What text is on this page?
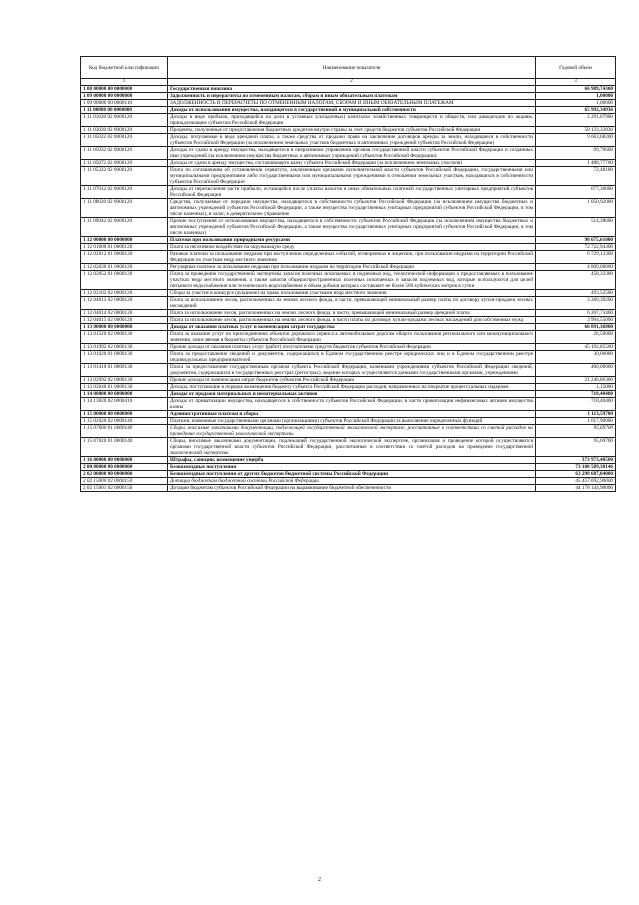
Код бюджетной классификации	Наименование показателя	Годовой объем
1	2	3
1 08 00000 00 0000000	Государственная пошлина	66 989,74300
1 09 00000 00 0000000	Задолженность и перерасчеты по отмененным налогам, сборам и иным обязательным платежам	1,00000
1 09 00000 00 0000110	ЗАДОЛЖЕННОСТЬ И ПЕРЕРАСЧЕТЫ ПО ОТМЕНЕННЫМ НАЛОГАМ, СБОРАМ И ИНЫМ ОБЯЗАТЕЛЬНЫМ ПЛАТЕЖАМ	1,00000
1 11 00000 00 0000000	Доходы от использования имущества, находящегося в государственной и муниципальной собственности	65 992,34936
1 11 01020 02 0000120	Доходы в виде прибыли, приходящейся на доли в уставных (складочных) капиталах хозяйственных товариществ и обществ, или дивидендов по акциям, принадлежащим субъектам Российской Федерации	2 291,67900
1 11 03020 02 0000120	Проценты, полученные от предоставления бюджетных кредитов внутри страны за счет средств бюджетов субъектов Российской Федерации	50 133,32836
1 11 05022 02 0000120	Доходы, получаемые в виде арендной платы, а также средства от продажи права на заключение договоров аренды за земли, находящиеся в собственности субъектов Российской Федерации (за исключением земельных участков бюджетных и автономных учреждений субъектов Российской Федерации)	9 663,68200
1 11 05032 02 0000120	Доходы от сдачи в аренду имущества, находящегося в оперативном управлении органов государственной власти субъектов Российской Федерации и созданных ими учреждений (за исключением имущества бюджетных и автономных учреждений субъектов Российской Федерации)	99,79600
1 11 05072 02 0000120	Доходы от сдачи в аренду имущества, составляющего казну субъекта Российской Федерации (за исключением земельных участков)	1 488,77700
1 11 05322 02 0000120	Плата по соглашениям об установлении сервитута, заключенным органами исполнительной власти субъектов Российской Федерации, государственными или муниципальными предприятиями либо государственными или муниципальными учреждениями в отношении земельных участков, находящихся в собственности субъектов Российской Федерации	72,48100
1 11 07012 02 0000120	Доходы от перечисления части прибыли, остающейся после уплаты налогов и иных обязательных платежей государственных унитарных предприятий субъектов Российской Федерации	677,30000
1 11 08020 02 0000120	Средства, получаемые от передачи имущества, находящегося в собственности субъектов Российской Федерации (за исключением имущества бюджетных и автономных учреждений субъектов Российской Федерации, а также имущества государственных унитарных предприятий субъектов Российской Федерации, в том числе казенных), в залог, в доверительное управление	1 050,92000
1 11 09042 02 0000120	Прочие поступления от использования имущества, находящегося в собственности субъектов Российской Федерации (за исключением имущества бюджетных и автономных учреждений субъектов Российской Федерации, а также имущества государственных унитарных предприятий субъектов Российской Федерации, в том числе казенных)	514,38600
1 12 00000 00 0000000	Платежи при пользовании природными ресурсами	98 675,61000
1 12 01000 01 0000120	Плата за негативное воздействие на окружающую среду	72 722,94300
1 12 02012 01 0000120	Разовые платежи за пользование недрами при наступлении определенных событий, оговоренных в лицензии, при пользовании недрами на территории Российской Федерации по участкам недр местного значения	6 729,13300
1 12 02030 01 0000120	Регулярные платежи за пользование недрами при пользовании недрами на территории Российской Федерации	4 809,00000
1 12 02052 01 0000120	Плата за проведение государственной экспертизы запасов полезных ископаемых и подземных вод, геологической информации о предоставляемых в пользование участках недр местного значения, а также запасов общераспространенных полезных ископаемых и запасов подземных вод, которые используются для целей питьевого водоснабжения или технического водоснабжения и объем добычи которых составляет не более 500 кубических метров в сутки	458,33300
1 12 02102 02 0000120	Сборы за участие в конкурсе (аукционе) на право пользования участками недр местного значения	493,52500
1 12 04013 02 0000120	Плата за использование лесов, расположенных на землях лесного фонда, в части, превышающей минимальный размер платы по договору купли-продажи лесных насаждений	3 260,39200
1 12 04014 02 0000120	Плата за использование лесов, расположенных на землях лесного фонда, в части, превышающей минимальный размер арендной платы	6 207,73400
1 12 04015 02 0000120	Плата за использование лесов, расположенных на землях лесного фонда, в части платы по договору купли-продажи лесных насаждений для собственных нужд	3 994,55000
1 13 00000 00 0000000	Доходы от оказания платных услуг и компенсации затрат государства	66 891,36800
1 13 01520 02 0000130	Плата за оказание услуг по присоединению объектов дорожного сервиса к автомобильным дорогам общего пользования регионального или межмуниципального значения, зачисляемая в бюджеты субъектов Российской Федерации	26,50000
1 13 01992 02 0000130	Прочие доходы от оказания платных услуг (работ) получателями средств бюджетов субъектов Российской Федерации	45 192,85500
1 13 01020 01 0000130	Плата за предоставление сведений и документов, содержащихся в Едином государственном реестре юридических лиц и в Едином государственном реестре индивидуальных предпринимателей	30,00000
1 13 01410 01 0000130	Плата за предоставление государственным органом субъекта Российской Федерации, казенными учреждениями субъектов Российской Федерации сведений, документов, содержащихся в государственных реестрах (регистрах), ведение которых осуществляется данными государственными органами, учреждениями	400,00000
1 13 02992 02 0000130	Прочие доходы от компенсации затрат бюджетов субъектов Российской Федерации	21 240,86300
1 13 02040 01 0000130	Доходы, поступающие в порядке возмещения бюджету субъекта Российской Федерации расходов, направленных на покрытие процессуальных издержек	1,15000
1 14 00000 00 0000000	Доходы от продажи материальных и нематериальных активов	718,40400
1 14 13020 02 0000410	Доходы от приватизации имущества, находящегося в собственности субъектов Российской Федерации, в части приватизации нефинансовых активов имущества казны	718,40400
1 15 00000 00 0000000	Административные платежи и сборы	1 113,59700
1 15 02020 02 0000140	Платежи, взимаемые государственными органами (организациями) субъектов Российской Федерации за выполнение определенных функций	1 017,90000
1 15 07000 01 0000140	Сборы, вносимые заказчиками документации, подлежащей государственной экологической экспертизе, рассчитанные в соответствии со сметой расходов на проведение государственной экологической экспертизы	95,69700
1 15 07020 01 0000140	Сборы, вносимые заказчиками документации, подлежащей государственной экологической экспертизе, организация и проведение которой осуществляются органами государственной власти субъектов Российской Федерации, рассчитанные в соответствии со сметой расходов на проведение государственной экологической экспертизы	95,69700
1 16 00000 00 0000000	Штрафы, санкции, возмещение ущерба	373 973,48500
2 00 00000 00 0000000	Безвозмездные поступления	73 100 589,38146
2 02 00000 00 0000000	Безвозмездные поступления от других бюджетов бюджетной системы Российской Федерации	63 298 687,04000
2 02 15000 02 0000150	Дотации бюджетам бюджетной системы Российской Федерации	45 457 692,90000
2 02 15001 02 0000150	Дотации бюджетам субъектов Российской Федерации на выравнивание бюджетной обеспеченности	44 178 144,90000
2
